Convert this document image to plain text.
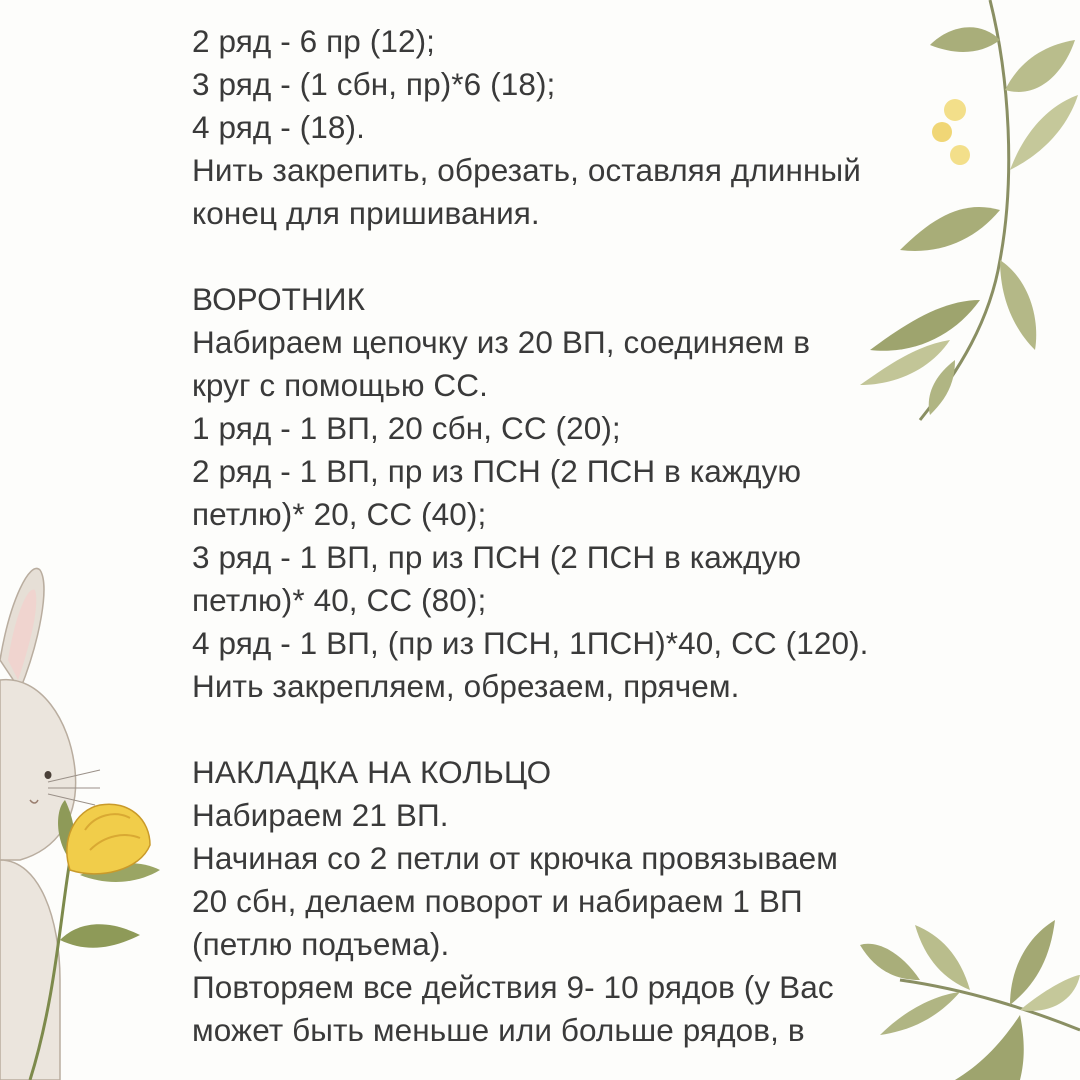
2 ряд - 6 пр (12);
3 ряд - (1 сбн, пр)*6 (18);
4 ряд - (18).
Нить закрепить, обрезать, оставляя длинный
конец для пришивания.
ВОРОТНИК
Набираем цепочку из 20 ВП, соединяем в
круг с помощью СС.
1 ряд - 1 ВП, 20 сбн, СС (20);
2 ряд - 1 ВП, пр из ПСН (2 ПСН в каждую
петлю)* 20, СС (40);
3 ряд - 1 ВП, пр из ПСН (2 ПСН в каждую
петлю)* 40, СС (80);
4 ряд - 1 ВП, (пр из ПСН, 1ПСН)*40, СС (120).
Нить закрепляем, обрезаем, прячем.
НАКЛАДКА НА КОЛЬЦО
Набираем 21 ВП.
Начиная со 2 петли от крючка провязываем
20 сбн, делаем поворот и набираем 1 ВП
(петлю подъема).
Повторяем все действия 9- 10 рядов (у Вас
может быть меньше или больше рядов, в
